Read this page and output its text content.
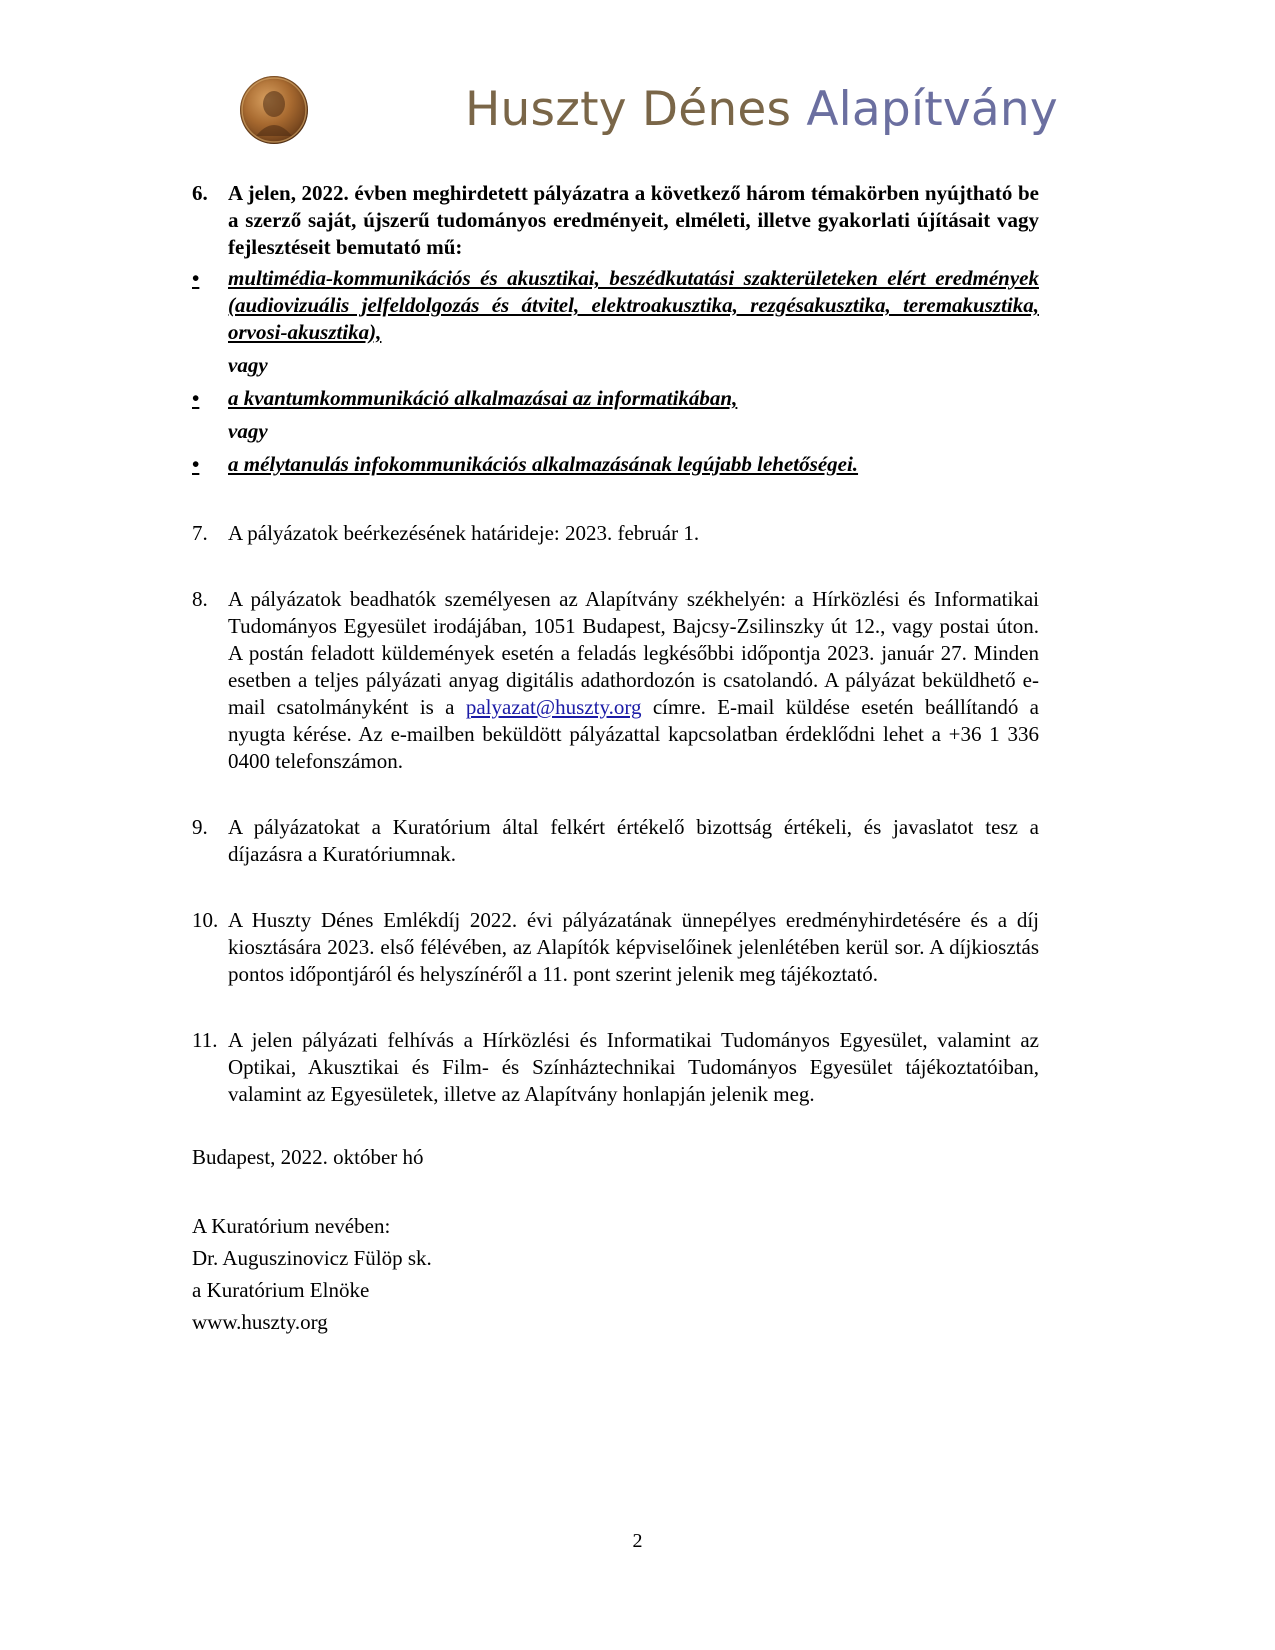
Huszty Dénes Alapítvány
6. A jelen, 2022. évben meghirdetett pályázatra a következő három témakörben nyújtható be a szerző saját, újszerű tudományos eredményeit, elméleti, illetve gyakorlati újításait vagy fejlesztéseit bemutató mű:
•	multimédia-kommunikációs és akusztikai, beszédkutatási szakterületeken elért eredmények (audiovizuális jelfeldolgozás és átvitel, elektroakusztika, rezgésakusztika, teremakusztika, orvosi-akusztika),
vagy
•	a kvantumkommunikáció alkalmazásai az informatikában,
vagy
•	a mélytanulás infokommunikációs alkalmazásának legújabb lehetőségei.
7. A pályázatok beérkezésének határideje: 2023. február 1.
8. A pályázatok beadhatók személyesen az Alapítvány székhelyén: a Hírközlési és Informatikai Tudományos Egyesület irodájában, 1051 Budapest, Bajcsy-Zsilinszky út 12., vagy postai úton. A postán feladott küldemények esetén a feladás legkésőbbi időpontja 2023. január 27. Minden esetben a teljes pályázati anyag digitális adathordozón is csatolandó. A pályázat beküldhető e-mail csatolmányként is a palyazat@huszty.org címre. E-mail küldése esetén beállítandó a nyugta kérése. Az e-mailben beküldött pályázattal kapcsolatban érdeklődni lehet a +36 1 336 0400 telefonszámon.
9. A pályázatokat a Kuratórium által felkért értékelő bizottság értékeli, és javaslatot tesz a díjazásra a Kuratóriumnak.
10. A Huszty Dénes Emlékdíj 2022. évi pályázatának ünnepélyes eredményhirdetésére és a díj kiosztására 2023. első félévében, az Alapítók képviselőinek jelenlétében kerül sor. A díjkiosztás pontos időpontjáról és helyszínéről a 11. pont szerint jelenik meg tájékoztató.
11. A jelen pályázati felhívás a Hírközlési és Informatikai Tudományos Egyesület, valamint az Optikai, Akusztikai és Film- és Színháztechnikai Tudományos Egyesület tájékoztatóiban, valamint az Egyesületek, illetve az Alapítvány honlapján jelenik meg.

Budapest, 2022. október hó

A Kuratórium nevében:

Dr. Auguszinovicz Fülöp sk.

a Kuratórium Elnöke

www.huszty.org

2
